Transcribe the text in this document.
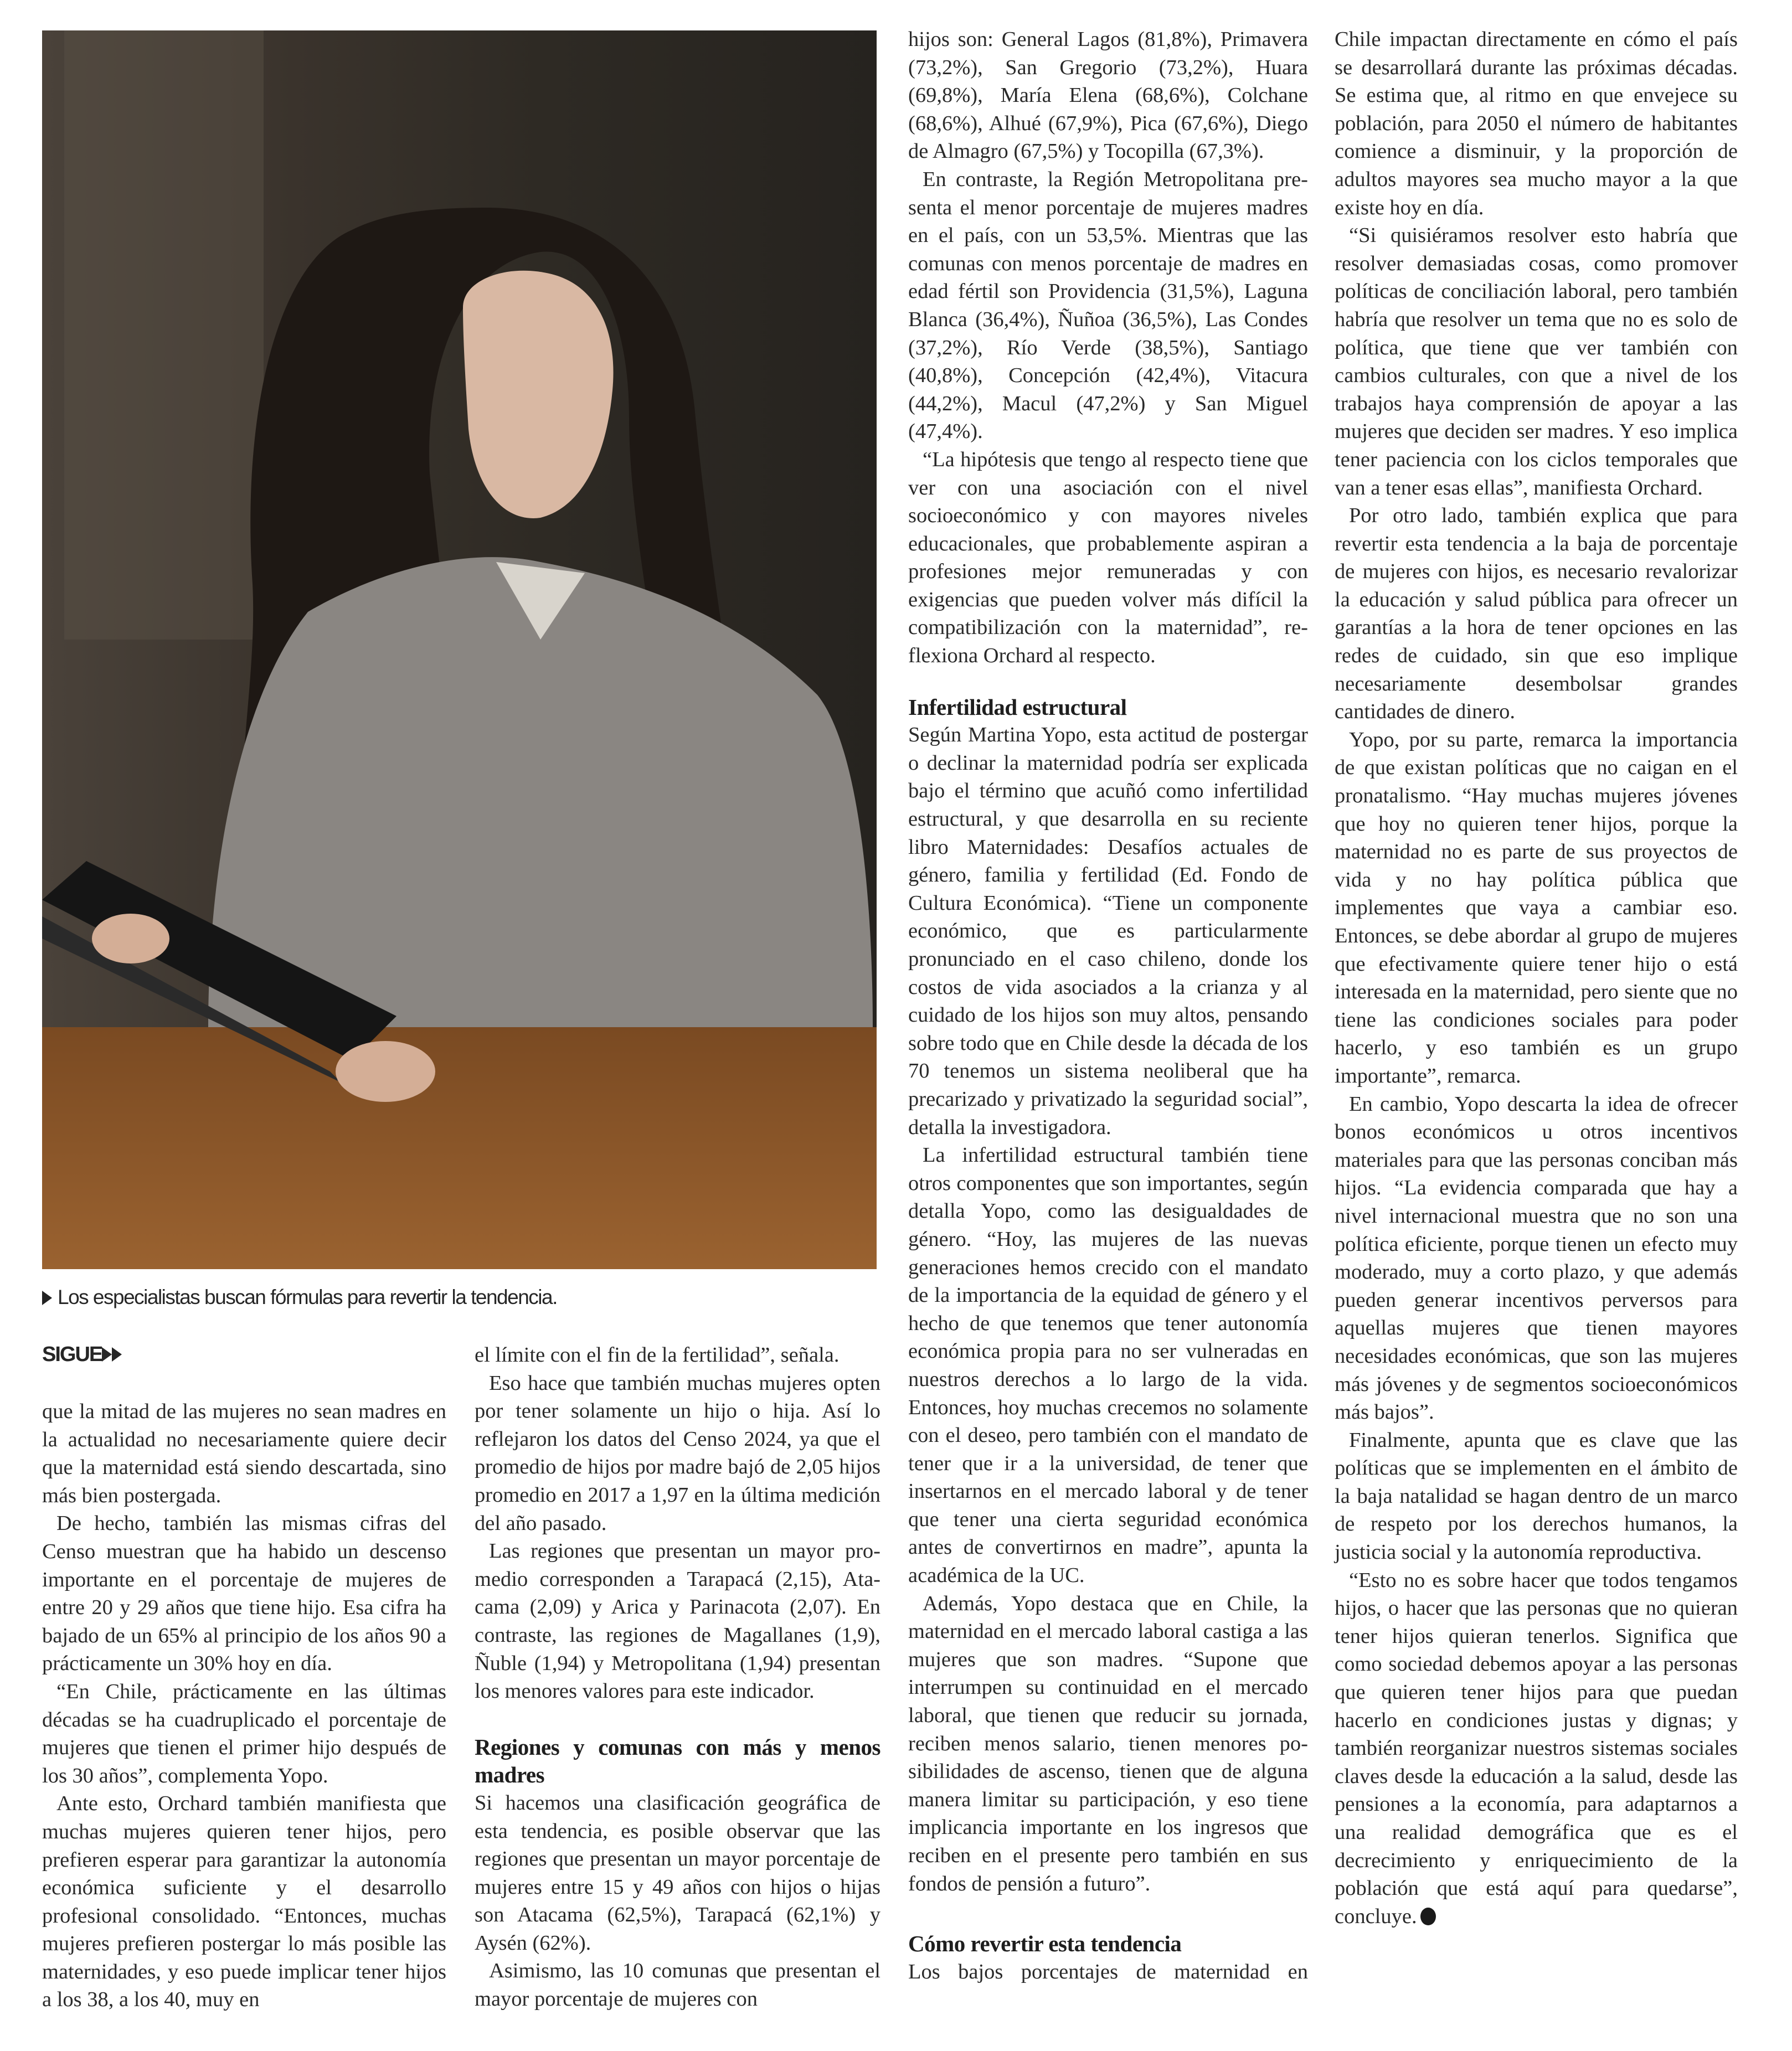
Los especialistas buscan fórmulas para revertir la tendencia.
SIGUE

que la mitad de las mujeres no sean madres en la actualidad no necesariamente quiere decir que la maternidad está siendo descartada, sino más bien postergada.

De hecho, también las mismas cifras del Censo muestran que ha habido un descenso importante en el porcentaje de mujeres de entre 20 y 29 años que tiene hijo. Esa cifra ha bajado de un 65% al principio de los años 90 a prácticamente un 30% hoy en día.

“En Chile, prácticamente en las últimas décadas se ha cuadruplicado el porcentaje de mujeres que tienen el primer hijo después de los 30 años”, complementa Yopo.

Ante esto, Orchard también manifiesta que muchas mujeres quieren tener hijos, pero prefieren esperar para garantizar la autonomía económica suficiente y el desarrollo profesional consolidado. “Entonces, muchas mujeres prefieren postergar lo más posible las maternidades, y eso puede implicar tener hijos a los 38, a los 40, muy en

el límite con el fin de la fertilidad”, señala.

Eso hace que también muchas mujeres opten por tener solamente un hijo o hija. Así lo reflejaron los datos del Censo 2024, ya que el promedio de hijos por madre bajó de 2,05 hijos promedio en 2017 a 1,97 en la última medición del año pasado.

Las regiones que presentan un mayor promedio corresponden a Tarapacá (2,15), Atacama (2,09) y Arica y Parinacota (2,07). En contraste, las regiones de Magallanes (1,9), Ñuble (1,94) y Metropolitana (1,94) presentan los menores valores para este indicador.

Regiones y comunas con más y menos madres

Si hacemos una clasificación geográfica de esta tendencia, es posible observar que las regiones que presentan un mayor porcentaje de mujeres entre 15 y 49 años con hijos o hijas son Atacama (62,5%), Tarapacá (62,1%) y Aysén (62%).

Asimismo, las 10 comunas que presentan el mayor porcentaje de mujeres con

hijos son: General Lagos (81,8%), Primavera (73,2%), San Gregorio (73,2%), Huara (69,8%), María Elena (68,6%), Colchane (68,6%), Alhué (67,9%), Pica (67,6%), Diego de Almagro (67,5%) y Tocopilla (67,3%).

En contraste, la Región Metropolitana presenta el menor porcentaje de mujeres madres en el país, con un 53,5%. Mientras que las comunas con menos porcentaje de madres en edad fértil son Providencia (31,5%), Laguna Blanca (36,4%), Ñuñoa (36,5%), Las Condes (37,2%), Río Verde (38,5%), Santiago (40,8%), Concepción (42,4%), Vitacura (44,2%), Macul (47,2%) y San Miguel (47,4%).

“La hipótesis que tengo al respecto tiene que ver con una asociación con el nivel socioeconómico y con mayores niveles educacionales, que probablemente aspiran a profesiones mejor remuneradas y con exigencias que pueden volver más difícil la compatibilización con la maternidad”, reflexiona Orchard al respecto.

Infertilidad estructural

Según Martina Yopo, esta actitud de postergar o declinar la maternidad podría ser explicada bajo el término que acuñó como infertilidad estructural, y que desarrolla en su reciente libro Maternidades: Desafíos actuales de género, familia y fertilidad (Ed. Fondo de Cultura Económica). “Tiene un componente económico, que es particularmente pronunciado en el caso chileno, donde los costos de vida asociados a la crianza y al cuidado de los hijos son muy altos, pensando sobre todo que en Chile desde la década de los 70 tenemos un sistema neoliberal que ha precarizado y privatizado la seguridad social”, detalla la investigadora.

La infertilidad estructural también tiene otros componentes que son importantes, según detalla Yopo, como las desigualdades de género. “Hoy, las mujeres de las nuevas generaciones hemos crecido con el mandato de la importancia de la equidad de género y el hecho de que tenemos que tener autonomía económica propia para no ser vulneradas en nuestros derechos a lo largo de la vida. Entonces, hoy muchas crecemos no solamente con el deseo, pero también con el mandato de tener que ir a la universidad, de tener que insertarnos en el mercado laboral y de tener que tener una cierta seguridad económica antes de convertirnos en madre”, apunta la académica de la UC.

Además, Yopo destaca que en Chile, la maternidad en el mercado laboral castiga a las mujeres que son madres. “Supone que interrumpen su continuidad en el mercado laboral, que tienen que reducir su jornada, reciben menos salario, tienen menores posibilidades de ascenso, tienen que de alguna manera limitar su participación, y eso tiene implicancia importante en los ingresos que reciben en el presente pero también en sus fondos de pensión a futuro”.

Cómo revertir esta tendencia

Los bajos porcentajes de maternidad en

Chile impactan directamente en cómo el país se desarrollará durante las próximas décadas. Se estima que, al ritmo en que envejece su población, para 2050 el número de habitantes comience a disminuir, y la proporción de adultos mayores sea mucho mayor a la que existe hoy en día.

“Si quisiéramos resolver esto habría que resolver demasiadas cosas, como promover políticas de conciliación laboral, pero también habría que resolver un tema que no es solo de política, que tiene que ver también con cambios culturales, con que a nivel de los trabajos haya comprensión de apoyar a las mujeres que deciden ser madres. Y eso implica tener paciencia con los ciclos temporales que van a tener esas ellas”, manifiesta Orchard.

Por otro lado, también explica que para revertir esta tendencia a la baja de porcentaje de mujeres con hijos, es necesario revalorizar la educación y salud pública para ofrecer un garantías a la hora de tener opciones en las redes de cuidado, sin que eso implique necesariamente desembolsar grandes cantidades de dinero.

Yopo, por su parte, remarca la importancia de que existan políticas que no caigan en el pronatalismo. “Hay muchas mujeres jóvenes que hoy no quieren tener hijos, porque la maternidad no es parte de sus proyectos de vida y no hay política pública que implementes que vaya a cambiar eso. Entonces, se debe abordar al grupo de mujeres que efectivamente quiere tener hijo o está interesada en la maternidad, pero siente que no tiene las condiciones sociales para poder hacerlo, y eso también es un grupo importante”, remarca.

En cambio, Yopo descarta la idea de ofrecer bonos económicos u otros incentivos materiales para que las personas conciban más hijos. “La evidencia comparada que hay a nivel internacional muestra que no son una política eficiente, porque tienen un efecto muy moderado, muy a corto plazo, y que además pueden generar incentivos perversos para aquellas mujeres que tienen mayores necesidades económicas, que son las mujeres más jóvenes y de segmentos socioeconómicos más bajos”.

Finalmente, apunta que es clave que las políticas que se implementen en el ámbito de la baja natalidad se hagan dentro de un marco de respeto por los derechos humanos, la justicia social y la autonomía reproductiva.

“Esto no es sobre hacer que todos tengamos hijos, o hacer que las personas que no quieran tener hijos quieran tenerlos. Significa que como sociedad debemos apoyar a las personas que quieren tener hijos para que puedan hacerlo en condiciones justas y dignas; y también reorganizar nuestros sistemas sociales claves desde la educación a la salud, desde las pensiones a la economía, para adaptarnos a una realidad demográfica que es el decrecimiento y enriquecimiento de la población que está aquí para quedarse”, concluye.
